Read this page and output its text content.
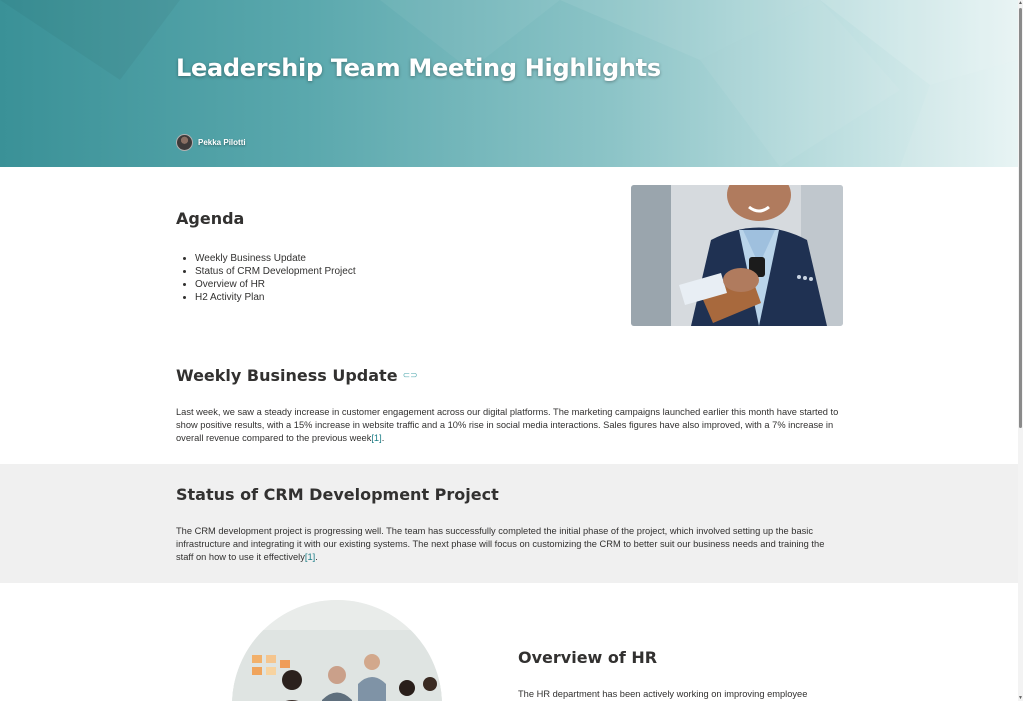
Leadership Team Meeting Highlights
Pekka Pilotti
Agenda
• Weekly Business Update
• Status of CRM Development Project
• Overview of HR
• H2 Activity Plan
Weekly Business Update ⊂⊃

Last week, we saw a steady increase in customer engagement across our digital platforms. The marketing campaigns launched earlier this month have started to show positive results, with a 15% increase in website traffic and a 10% rise in social media interactions. Sales figures have also improved, with a 7% increase in overall revenue compared to the previous week[1].

Status of CRM Development Project

The CRM development project is progressing well. The team has successfully completed the initial phase of the project, which involved setting up the basic infrastructure and integrating it with our existing systems. The next phase will focus on customizing the CRM to better suit our business needs and training the staff on how to use it effectively[1].

Overview of HR

The HR department has been actively working on improving employee

▲
▼
